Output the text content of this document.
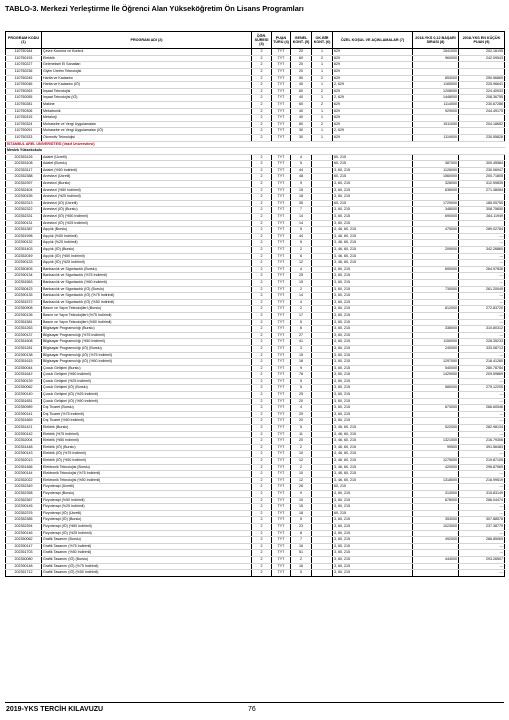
TABLO-3. Merkezi Yerleştirme İle Öğrenci Alan Yükseköğretim Ön Lisans Programları
PROGRAM KODU (1)	PROGRAM ADI (2)	ÖĞR. SÜRESİ (3)	PUAN TÜRÜ (4)	GENEL KONT. (5)	OK.BİR KONT. (6)	ÖZEL KOŞUL VE AÇIKLAMALAR (7)	2018-YKS 0,12 BAŞARI SIRASI (8)	2018-YKS EN KÜÇÜK PUAN (9)
110750184	Çevre Koruma ve Kontrol	2	TYT	20	1	629	1541000	202.16195
110750193	Elektrik	2	TYT	60	2	629	960000	242.09543
110750227	Geleneksel El Sanatları	2	TYT	20	1	629		
110750236	Giyim Üretim Teknolojisi	2	TYT	20	1	629		
110750245	Harita ve Kadastro	2	TYT	50	2	629	853000	250.56869
110750046	Harita ve Kadastro (İÖ)	2	TYT	40	1	2, 629	1165000	225.96641
110750263	İnşaat Teknolojisi	2	TYT	60	2	629	1208000	224.40933
110750055	İnşaat Teknolojisi (İÖ)	2	TYT	40	1	2, 629	1448000	208.36755
110750281	Makine	2	TYT	60	2	629	1114000	230.67286
110750306	Mekatronik	2	TYT	40	1	629	929000	244.49175
110750315	Metalurji	2	TYT	40	1	629		
110750324	Muhasebe ve Vergi Uygulamaları	2	TYT	60	2	629	1511000	204.18652
110750091	Muhasebe ve Vergi Uygulamaları (İÖ)	2	TYT	30	1	2, 629		
110750333	Otomotiv Teknolojisi	2	TYT	30	1	629	1119000	230.55828
İSTANBUL AREL ÜNİVERSİTESİ (Vakıf Üniversitesi)								
Meslek Yüksekokulu								
202353126	Adalet (Ücretli)	2	TYT	4		60, 215		
202353108	Adalet (Burslu)	2	TYT	5		60, 215	387000	300.45584
202353117	Adalet (%50 İndirimli)	2	TYT	44		3, 60, 215	1126000	230.06947
202352388	Anestezi (Ücretli)	2	TYT	48		60, 215	1560000	200.71805
202352397	Anestezi (Burslu)	2	TYT	9		3, 60, 215	328000	312.59835
202352404	Anestezi (%50 İndirimli)	2	TYT	15		3, 60, 215	636000	271.38084
202390155	Anestezi (%25 İndirimli)	2	TYT	18		3, 60, 215		
202352313	Anestezi (İÖ) (Ücretli)	2	TYT	35		60, 215	1729000	185.05755
202352322	Anestezi (İÖ) (Burslu)	2	TYT	7		3, 60, 215	348000	308.75650
202352331	Anestezi (İÖ) (%50 İndirimli)	2	TYT	14		3, 60, 215	690000	264.11949
202390131	Anestezi (İÖ) (%25 İndirimli)	2	TYT	14		3, 60, 215		
202351387	Aşçılık (Burslu)	2	TYT	5		3, 46, 60, 215	475000	289.02784
202351998	Aşçılık (%50 İndirimli)	2	TYT	44		3, 46, 60, 215		---
202390132	Aşçılık (%25 İndirimli)	2	TYT	5		3, 46, 60, 215		---
202351403	Aşçılık (İÖ) (Burslu)	2	TYT	2		3, 46, 60, 215	209000	342.26860
202352049	Aşçılık (İÖ) (%50 İndirimli)	2	TYT	6		3, 46, 60, 215		---
202390133	Aşçılık (İÖ) (%25 İndirimli)	2	TYT	12		3, 46, 60, 215		---
202350405	Bankacılık ve Sigortacılık (Burslu)	2	TYT	4		3, 60, 215	690000	264.97836
202390134	Bankacılık ve Sigortacılık (%75 İndirimli)	2	TYT	25		3, 60, 215		---
202351563	Bankacılık ve Sigortacılık (%50 İndirimli)	2	TYT	15		3, 60, 215		---
202350423	Bankacılık ve Sigortacılık (İÖ) (Burslu)	2	TYT	2		3, 60, 215	730000	261.20049
202390135	Bankacılık ve Sigortacılık (İÖ) (%75 İndirimli)	2	TYT	14		3, 60, 215		---
202351572	Bankacılık ve Sigortacılık (İÖ) (%50 İndirimli)	2	TYT	4		3, 60, 215		---
202350908	Basım ve Yayın Teknolojileri (Burslu)	2	TYT	2		3, 60, 215	812000	272.83720
202390136	Basım ve Yayın Teknolojileri (%75 İndirimli)	2	TYT	17		3, 60, 215		---
202351581	Basım ve Yayın Teknolojileri (%50 İndirimli)	2	TYT	5		3, 60, 215		---
202351263	Bilgisayar Programcılığı (Burslu)	2	TYT	6		3, 60, 215	338000	310.80312
202390137	Bilgisayar Programcılığı (%75 İndirimli)	2	TYT	27		3, 60, 215		---
202351608	Bilgisayar Programcılığı (%50 İndirimli)	2	TYT	41		3, 60, 215	1150000	228.35233
202351281	Bilgisayar Programcılığı (İÖ) (Burslu)	2	TYT	3		3, 60, 215	240000	333.08713
202390138	Bilgisayar Programcılığı (İÖ) (%75 İndirimli)	2	TYT	15		3, 60, 215		---
202351615	Bilgisayar Programcılığı (İÖ) (%50 İndirimli)	2	TYT	16		3, 60, 215	1297000	218.41280
202350044	Çocuk Gelişimi (Burslu)	2	TYT	9		3, 60, 215	540000	280.78784
202351642	Çocuk Gelişimi (%50 İndirimli)	2	TYT	76		3, 60, 215	1429000	209.59869
202390139	Çocuk Gelişimi (%25 İndirimli)	2	TYT	5		3, 60, 215		---
202350062	Çocuk Gelişimi (İÖ) (Burslu)	2	TYT	5		3, 60, 215	580000	275.12205
202390140	Çocuk Gelişimi (İÖ) (%25 İndirimli)	2	TYT	25		3, 60, 215		---
202351651	Çocuk Gelişimi (İÖ) (%50 İndirimli)	2	TYT	20		3, 60, 215		---
202350989	Dış Ticaret (Burslu)	2	TYT	4		3, 60, 215	673000	266.60546
202390141	Dış Ticaret (%75 İndirimli)	2	TYT	29		3, 60, 215		---
202351669	Dış Ticaret (%50 İndirimli)	2	TYT	20		3, 60, 215		---
202351421	Elektrik (Burslu)	2	TYT	5		3, 46, 60, 215	522000	282.98134
202390142	Elektrik (%75 İndirimli)	2	TYT	11		3, 46, 60, 215		---
202352004	Elektrik (%50 İndirimli)	2	TYT	20		3, 46, 60, 215	1321000	216.79306
202351448	Elektrik (İÖ) (Burslu)	2	TYT	2		3, 46, 60, 215	99500	391.56483
202390143	Elektrik (İÖ) (%75 İndirimli)	2	TYT	10		3, 46, 60, 215		---
202352013	Elektrik (İÖ) (%50 İndirimli)	2	TYT	12		3, 46, 60, 215	1275000	219.87105
202351466	Elektronik Teknolojisi (Burslu)	2	TYT	2		3, 46, 60, 215	420000	296.87569
202390144	Elektronik Teknolojisi (%75 İndirimli)	2	TYT	10		3, 46, 60, 215		---
202352022	Elektronik Teknolojisi (%50 İndirimli)	2	TYT	12		3, 46, 60, 215	1318000	216.99519
202352349	Fizyoterapi (Ücretli)	2	TYT	26		60, 215		---
202352358	Fizyoterapi (Burslu)	2	TYT	9		3, 60, 215	313000	315.83149
202352367	Fizyoterapi (%50 İndirimli)	2	TYT	10		3, 60, 215	678000	266.04474
202390145	Fizyoterapi (%25 İndirimli)	2	TYT	15		3, 60, 215		---
202352376	Fizyoterapi (İÖ) (Ücretli)	2	TYT	18		60, 215		---
202352385	Fizyoterapi (İÖ) (Burslu)	2	TYT	5		3, 60, 215	353000	307.88578
202352394	Fizyoterapi (İÖ) (%50 İndirimli)	2	TYT	23		3, 60, 215	1023000	237.38779
202390146	Fizyoterapi (İÖ) (%25 İndirimli)	2	TYT	8		3, 60, 215		---
202350062	Grafik Tasarımı (Burslu)	2	TYT	7		3, 60, 215	492000	286.85069
202390147	Grafik Tasarımı (%75 İndirimli)	2	TYT	16		3, 60, 215		---
202351703	Grafik Tasarımı (%50 İndirimli)	2	TYT	51		3, 60, 215		---
202350080	Grafik Tasarımı (İÖ) (Burslu)	2	TYT	2		3, 60, 215	444000	293.26507
202390148	Grafik Tasarımı (İÖ) (%75 İndirimli)	2	TYT	16		3, 60, 215		---
202351712	Grafik Tasarımı (İÖ) (%50 İndirimli)	2	TYT	5		3, 60, 215		---
2019-YKS TERCİH KILAVUZU	76
